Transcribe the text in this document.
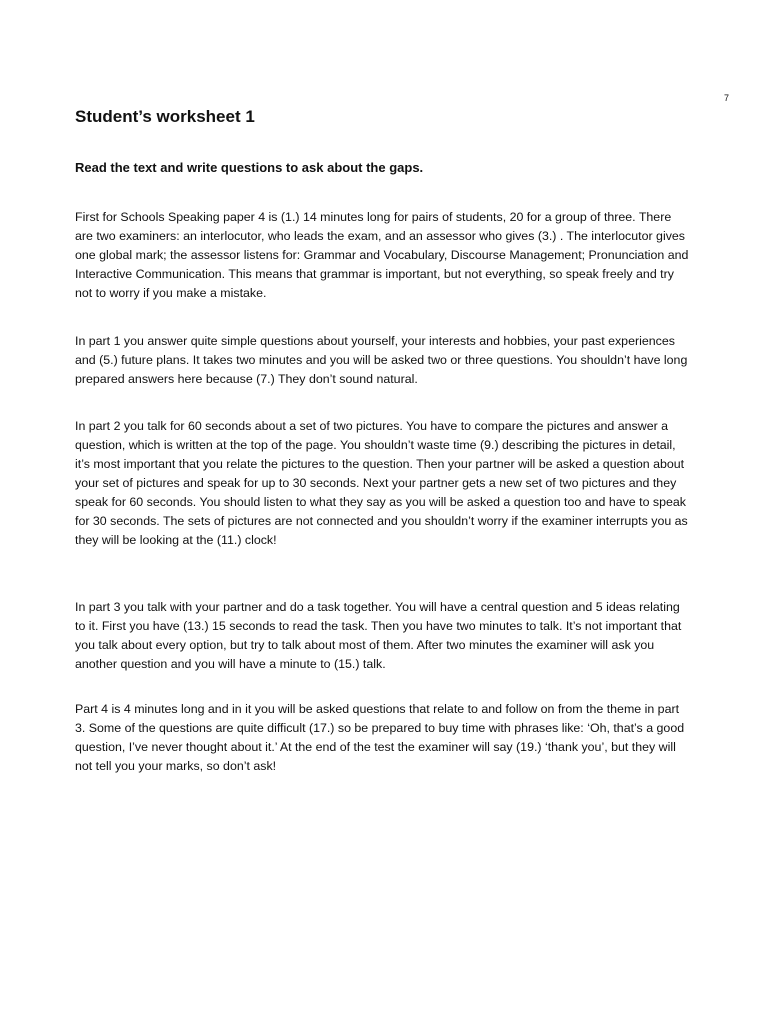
7
Student’s worksheet 1

Read the text and write questions to ask about the gaps.

First for Schools Speaking paper 4 is (1.) 14 minutes long for pairs of students, 20 for a group of three. There are two examiners: an interlocutor, who leads the exam, and an assessor who gives (3.) . The interlocutor gives one global mark; the assessor listens for: Grammar and Vocabulary, Discourse Management; Pronunciation and Interactive Communication. This means that grammar is important, but not everything, so speak freely and try not to worry if you make a mistake.

In part 1 you answer quite simple questions about yourself, your interests and hobbies, your past experiences and (5.) future plans. It takes two minutes and you will be asked two or three questions. You shouldn’t have long prepared answers here because (7.) They don’t sound natural.

In part 2 you talk for 60 seconds about a set of two pictures. You have to compare the pictures and answer a question, which is written at the top of the page. You shouldn’t waste time (9.) describing the pictures in detail, it’s most important that you relate the pictures to the question. Then your partner will be asked a question about your set of pictures and speak for up to 30 seconds. Next your partner gets a new set of two pictures and they speak for 60 seconds. You should listen to what they say as you will be asked a question too and have to speak for 30 seconds. The sets of pictures are not connected and you shouldn’t worry if the examiner interrupts you as they will be looking at the (11.) clock!

In part 3 you talk with your partner and do a task together. You will have a central question and 5 ideas relating to it. First you have (13.) 15 seconds to read the task. Then you have two minutes to talk. It’s not important that you talk about every option, but try to talk about most of them. After two minutes the examiner will ask you another question and you will have a minute to (15.) talk.

Part 4 is 4 minutes long and in it you will be asked questions that relate to and follow on from the theme in part 3. Some of the questions are quite difficult (17.) so be prepared to buy time with phrases like: ‘Oh, that’s a good question, I’ve never thought about it.’ At the end of the test the examiner will say (19.) ‘thank you’, but they will not tell you your marks, so don’t ask!
